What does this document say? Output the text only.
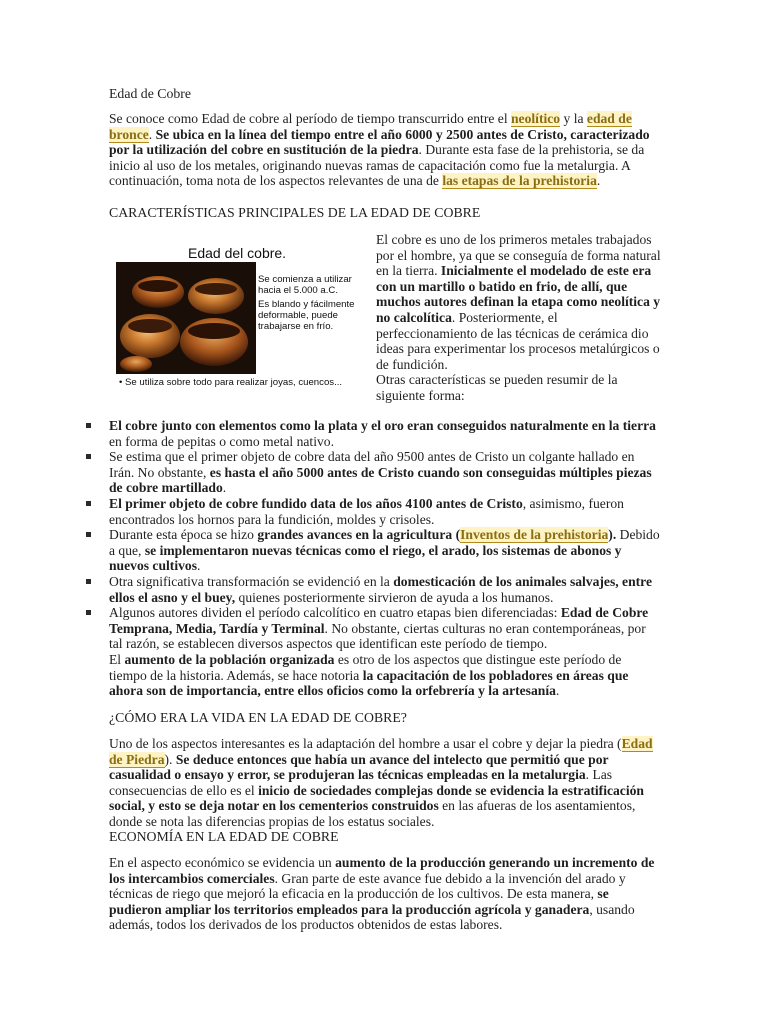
Edad de Cobre

Se conoce como Edad de cobre al período de tiempo transcurrido entre el neolítico y la edad de bronce. Se ubica en la línea del tiempo entre el año 6000 y 2500 antes de Cristo, caracterizado por la utilización del cobre en sustitución de la piedra. Durante esta fase de la prehistoria, se da inicio al uso de los metales, originando nuevas ramas de capacitación como fue la metalurgia. A continuación, toma nota de los aspectos relevantes de una de las etapas de la prehistoria.

CARACTERÍSTICAS PRINCIPALES DE LA EDAD DE COBRE

Edad del cobre.
• Se comienza a utilizar hacia el 5.000 a.C.
• Es blando y fácilmente deformable, puede trabajarse en frío.
• Se utiliza sobre todo para realizar joyas, cuencos...

El cobre es uno de los primeros metales trabajados por el hombre, ya que se conseguía de forma natural en la tierra. Inicialmente el modelado de este era con un martillo o batido en frio, de allí, que muchos autores definan la etapa como neolítica y no calcolítica. Posteriormente, el perfeccionamiento de las técnicas de cerámica dio ideas para experimentar los procesos metalúrgicos o de fundición.

Otras características se pueden resumir de la siguiente forma:

El cobre junto con elementos como la plata y el oro eran conseguidos naturalmente en la tierra en forma de pepitas o como metal nativo.
Se estima que el primer objeto de cobre data del año 9500 antes de Cristo un colgante hallado en Irán. No obstante, es hasta el año 5000 antes de Cristo cuando son conseguidas múltiples piezas de cobre martillado.
El primer objeto de cobre fundido data de los años 4100 antes de Cristo, asimismo, fueron encontrados los hornos para la fundición, moldes y crisoles.
Durante esta época se hizo grandes avances en la agricultura (Inventos de la prehistoria). Debido a que, se implementaron nuevas técnicas como el riego, el arado, los sistemas de abonos y nuevos cultivos.
Otra significativa transformación se evidenció en la domesticación de los animales salvajes, entre ellos el asno y el buey, quienes posteriormente sirvieron de ayuda a los humanos.
Algunos autores dividen el período calcolítico en cuatro etapas bien diferenciadas: Edad de Cobre Temprana, Media, Tardía y Terminal. No obstante, ciertas culturas no eran contemporáneas, por tal razón, se establecen diversos aspectos que identifican este período de tiempo.
El aumento de la población organizada es otro de los aspectos que distingue este período de tiempo de la historia. Además, se hace notoria la capacitación de los pobladores en áreas que ahora son de importancia, entre ellos oficios como la orfebrería y la artesanía.

¿CÓMO ERA LA VIDA EN LA EDAD DE COBRE?

Uno de los aspectos interesantes es la adaptación del hombre a usar el cobre y dejar la piedra (Edad de Piedra). Se deduce entonces que había un avance del intelecto que permitió que por casualidad o ensayo y error, se produjeran las técnicas empleadas en la metalurgia. Las consecuencias de ello es el inicio de sociedades complejas donde se evidencia la estratificación social, y esto se deja notar en los cementerios construidos en las afueras de los asentamientos, donde se nota las diferencias propias de los estatus sociales.

ECONOMÍA EN LA EDAD DE COBRE

En el aspecto económico se evidencia un aumento de la producción generando un incremento de los intercambios comerciales. Gran parte de este avance fue debido a la invención del arado y técnicas de riego que mejoró la eficacia en la producción de los cultivos. De esta manera, se pudieron ampliar los territorios empleados para la producción agrícola y ganadera, usando además, todos los derivados de los productos obtenidos de estas labores.
